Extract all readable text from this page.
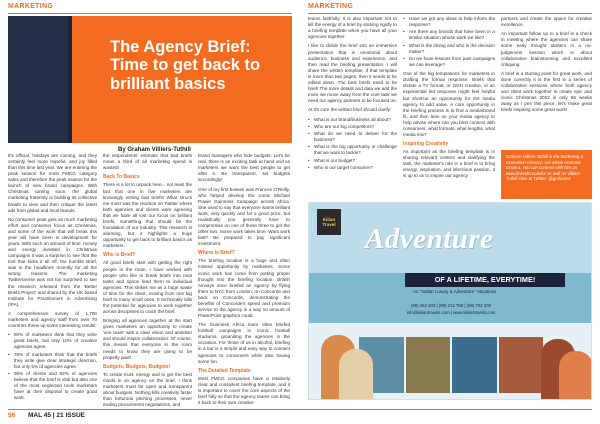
MARKETING	MARKETING
The Agency Brief: Time to get back to brilliant basics
By Graham Villiers-Tuthill

It's official, holidays are coming, and they certainly feel more hopeful, and joy filled than this time last year. We are entering the peak season for most FMCG category sales and therefore the peak season for the launch of new brand campaigns. With Christmas coming soon, the global marketing fraternity is building its collective breath to view and then critique the latest ads from global and local brands.

No consumer peak gets as much marketing effort and consumer focus as Christmas, and some of the work that will break this year will have been in development for years. With such an amount of time, money and energy invested in Christmas campaigns it was a surprise to see that the tool that kicks it all off, the humble Brief, was in the headlines recently for all the wrong reasons. The marketing Twittersverse was not too surprised to see the research released from the 'Better Briefs Project' and shared by the UK based Institute for Practitioners in Advertising (IPA).

A comprehensive survey of 1,700 marketers and agency staff from over 70 countries threw up some interesting results:

• 80% of marketers think that they write great briefs, but only 10% of creative agencies agree.
• 78% of marketers think that the briefs they write give clear strategic direction, but only 5% of agencies agree.
• 95% of clients and 92% of agencies believe that the brief is vital but also one of the most neglected tools marketers have at their disposal to create good work.

the respondents' estimate that bad briefs mean a third of all marketing spend is wasted!

Back To Basics

There is a lot to unpack here... not least the fact that one in five marketers are knowingly writing bad briefs! What struck me most was the reaction on Twitter where both agencies and clients were agreeing that we have all lost our focus on brilliant briefs, something that should be the foundation of our industry. This research is alarming, but it highlights a huge opportunity to get back to brilliant basics as marketers.

Who is Brief?

All good briefs start with getting the right people in the room. I have worked with people who like to break briefs into neat tasks and spoon feed them to individual agencies. This strikes me as a huge waste of time for the client, moving from one big brief to many small ones. It technically kills the potential for agencies to work together across disciplines to crack the brief.

Bringing all agencies together at the start gives marketers an opportunity to create 'one team' with a clear vision and ambition and should inspire collaboration. Of course, this means that everyone in the room needs to know they are going to be properly paid!

Budgets, Budgets, Budgets!

To create trust, energy and to get the best minds in an agency on the brief, I think marketers must be open and transparent about budgets. Nothing kills creativity faster than torturous pitching processes, never ending procurement negotiations, and

brand managers who hide budgets. Let's be real, there is an exciting task at hand and as marketers we want the best people to get after it. Be transparent, set budgets accordingly!

One of my first bosses was Frances O'Reilly, who helped develop the iconic Michael Power Guinness Campaign across Africa. She used to say that everyone wants brilliant work, very quickly and for a good price, but realistically you generally have to compromise on one of these three to get the other two. Some work takes time. Want work fast? Be prepared to pay significant investment.

Where is Brief?

The briefing location is a huge and often missed opportunity by marketers. Some iconic work has come from putting proper thought into the briefing location. British Airways once briefed an agency by flying them to NYC from London, on Concorde and back on Concorde, demonstrating the benefits of Concorde's speed and premium service to the agency in a way no amount of PowerPoint graphics could.

The Guinness Africa team often briefed football campaigns in iconic football stadiums, grounding the agencies in the occasion. For those of us in alcohol, briefing in a bar is a simple and easy way to connect agencies to consumers while also having some fun.

The Detailed Template

Most FMCG companies have a relatively clear and consistent briefing template, and it is important to cover the core aspects of the brief fully so that the agency teams can bring it back to their own creative

teams faithfully. It is also important not to kill the energy of a brief by sticking rigidly to a briefing template when you have all your agencies together.

I like to divide the brief into an immersive presentation that is emotional about audience, business and experience, and then read the briefing presentation. I will share the written template. If that template is more than two pages, then it needs to be edited down. The best briefs need to be brief! The more details and data we add the more we move away from the core task we need our agency partners to be focused on.

At it's core the written brief should clarify:

• What is our brand/business all about?
• Who are our big competitors?
• What do we need to deliver for the business?
• What is the big opportunity or challenge that we want to tackle?
• What is our budget?
• Who is our target consumer?
• Have we got any ideas to help inform the response?
• Are there any brands that have been in a similar situation whose work we like?
• What is the timing and who is the decision maker?
• Do we have lessons from past campaigns we can leverage?

One of the big temptations for marketers in drafting the formal response. Briefs that dictate a TV format, or OOH creative, or an experiential led response might feel helpful but shortcut an opportunity for the media agency to add value. A core opportunity in the briefing process is to find a media/brand fit, and then lean on your media agency to help advise where can you best connect with consumers, what formats, what lengths, what media mix?

Inspiring Creativity

As important as the briefing template is in sharing relevant content and clarifying the task, the marketer's role in a brief is to bring energy, inspiration, and infectious passion. It is up to us to inspire our agency

partners and create the space for creative excellence.

An important follow up to a brief is a check in meeting where the agencies can share some early thought starters in a no-judgement session which is about collaborative brainstorming and excellent critiquing.

A brief is a starting point for great work, and done correctly it is the first in a series of collaborative sessions where both agency and client work together to create epic and iconic Christmas 2022 is only 56 weeks away as I pen this piece, let's make great briefs inspiring some great work!

Graham Villiers-Tuthill is the Marketing & Innovation Director, Gin Minsk Aromatic Oncera. You can connect with him on www.linkedin.com/in/ as well as Villiers-Tuthill Glen to Twitter: @grahamvt
Kilian Travel Adventure
OF A LIFETIME, EVERYTIME!
An "Indian Luxury & Adventure" Vacations
(99) 262 203 | (99) 212 750 | (99) 702 200
info@kiliantravels.com | www.kiliantravels.com
56 MAL 45 | 21 ISSUE
